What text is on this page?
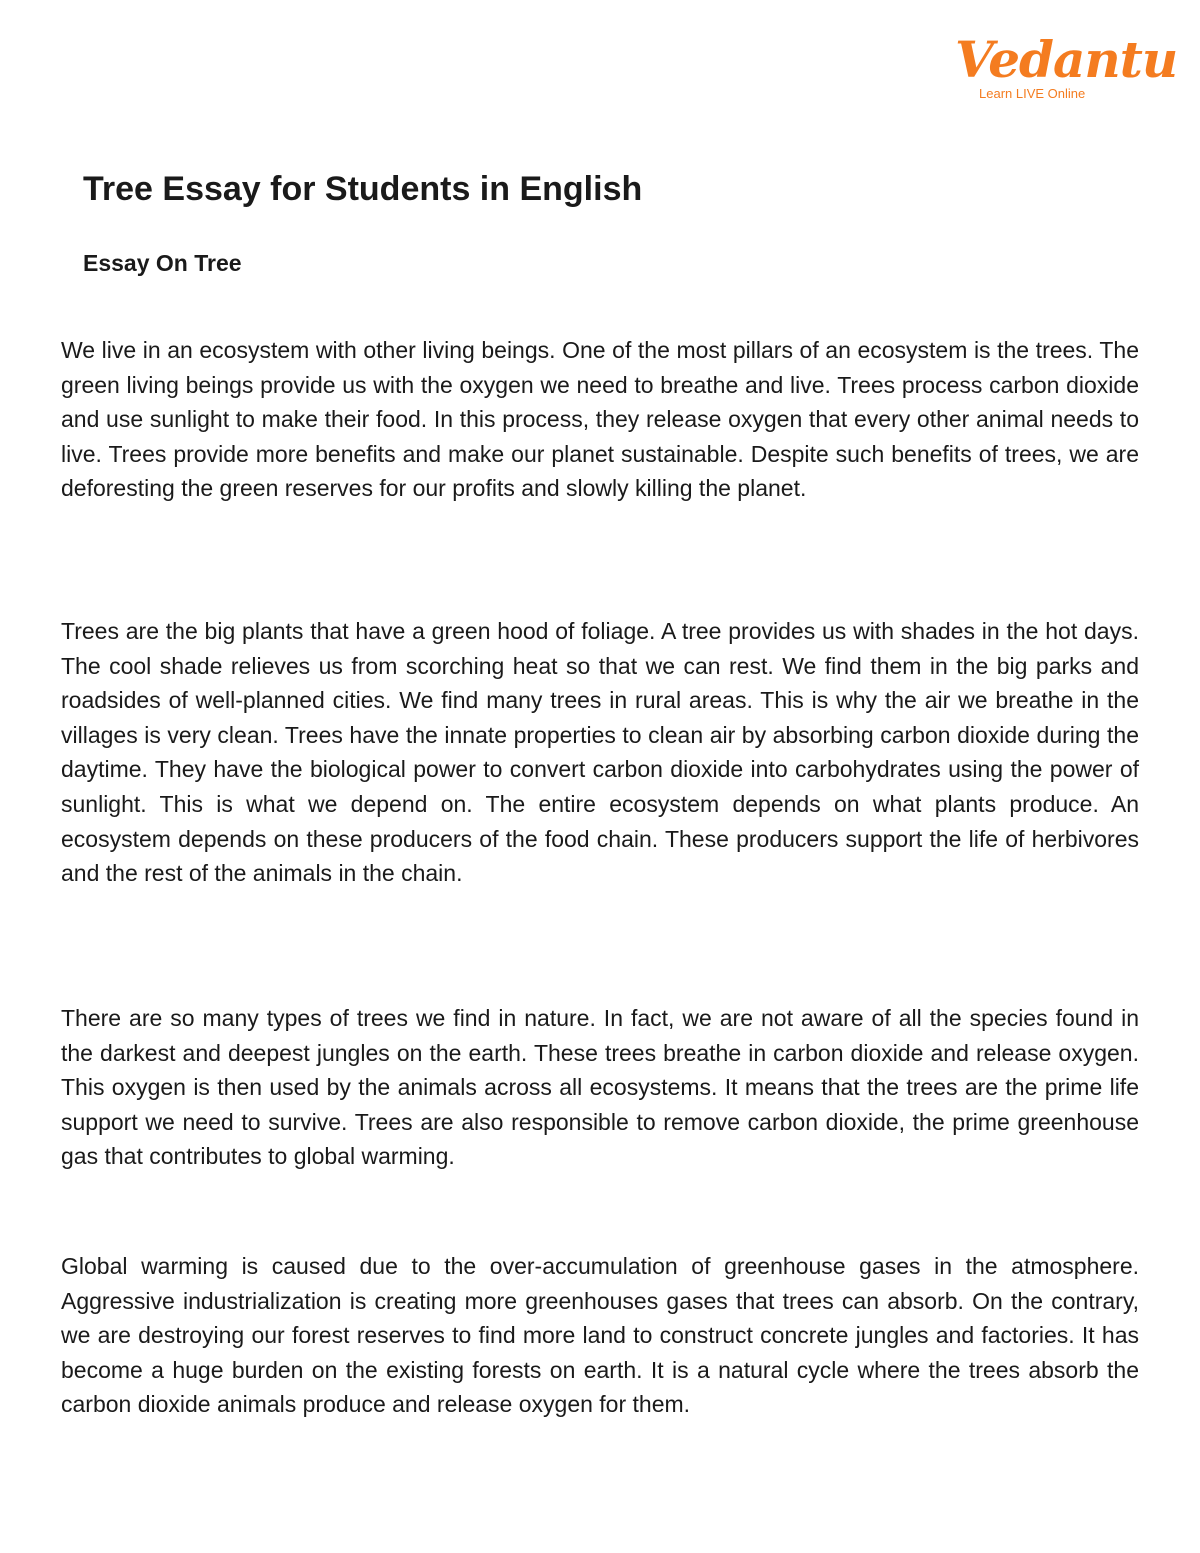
Vedantu
Learn LIVE Online
Tree Essay for Students in English
Essay On Tree

We live in an ecosystem with other living beings. One of the most pillars of an ecosystem is the trees. The green living beings provide us with the oxygen we need to breathe and live. Trees process carbon dioxide and use sunlight to make their food. In this process, they release oxygen that every other animal needs to live. Trees provide more benefits and make our planet sustainable. Despite such benefits of trees, we are deforesting the green reserves for our profits and slowly killing the planet.

Trees are the big plants that have a green hood of foliage. A tree provides us with shades in the hot days. The cool shade relieves us from scorching heat so that we can rest. We find them in the big parks and roadsides of well-planned cities. We find many trees in rural areas. This is why the air we breathe in the villages is very clean. Trees have the innate properties to clean air by absorbing carbon dioxide during the daytime. They have the biological power to convert carbon dioxide into carbohydrates using the power of sunlight. This is what we depend on. The entire ecosystem depends on what plants produce. An ecosystem depends on these producers of the food chain. These producers support the life of herbivores and the rest of the animals in the chain.

There are so many types of trees we find in nature. In fact, we are not aware of all the species found in the darkest and deepest jungles on the earth. These trees breathe in carbon dioxide and release oxygen. This oxygen is then used by the animals across all ecosystems. It means that the trees are the prime life support we need to survive. Trees are also responsible to remove carbon dioxide, the prime greenhouse gas that contributes to global warming.

Global warming is caused due to the over-accumulation of greenhouse gases in the atmosphere. Aggressive industrialization is creating more greenhouses gases that trees can absorb. On the contrary, we are destroying our forest reserves to find more land to construct concrete jungles and factories. It has become a huge burden on the existing forests on earth. It is a natural cycle where the trees absorb the carbon dioxide animals produce and release oxygen for them.
